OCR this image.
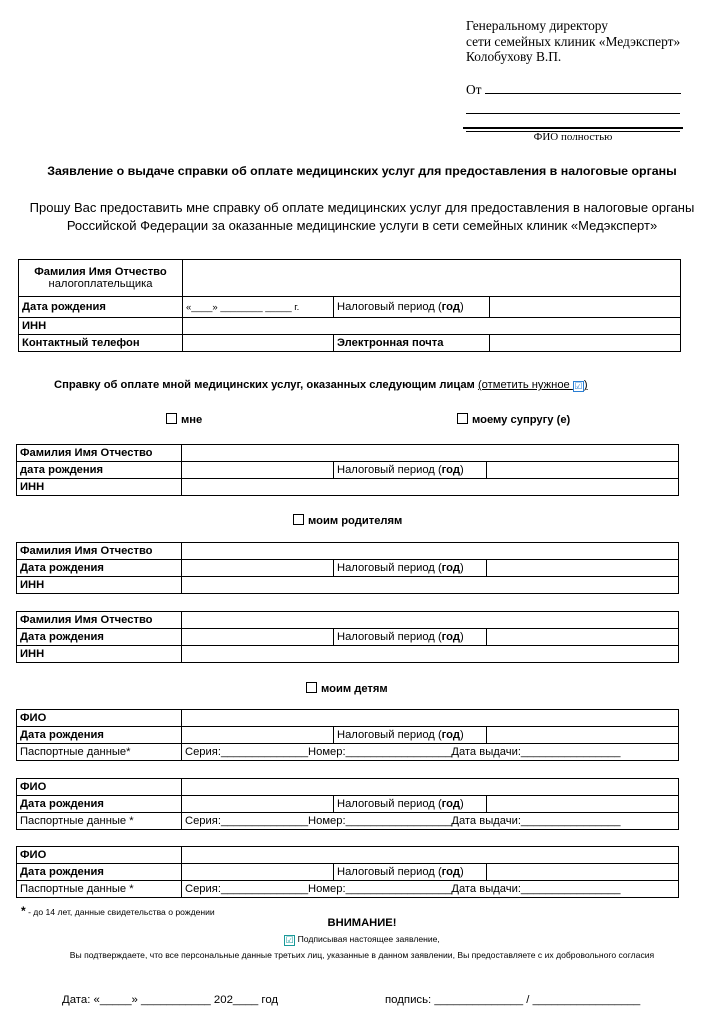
Генеральному директору
сети семейных клиник «Медэксперт»
Колобухову В.П.
От
ФИО полностью
Заявление о выдаче справки об оплате медицинских услуг для предоставления в налоговые органы
Прошу Вас предоставить мне справку об оплате медицинских услуг для предоставления в налоговые органы Российской Федерации за оказанные медицинские услуги в сети семейных клиник «Медэксперт»
Фамилия Имя Отчество
налогоплательщика			

Дата рождения	«____» ________ _____ г.	Налоговый период (год)	
ИНН			
Контактный телефон		Электронная почта	
Справку об оплате мной медицинских услуг, оказанных следующим лицам (отметить нужное ☑)
мне	моему супругу (е)
Фамилия Имя Отчество			
дата рождения		Налоговый период (год)	
ИНН			
моим родителям
Фамилия Имя Отчество			
Дата рождения		Налоговый период (год)	
ИНН			
Фамилия Имя Отчество			
Дата рождения		Налоговый период (год)	
ИНН			
моим детям
ФИО			
Дата рождения		Налоговый период (год)	
Паспортные данные*	Серия:______________Номер:_________________Дата выдачи:________________		
ФИО			
Дата рождения		Налоговый период (год)	
Паспортные данные *	Серия:______________Номер:_________________Дата выдачи:________________		
ФИО			
Дата рождения		Налоговый период (год)	
Паспортные данные *	Серия:______________Номер:_________________Дата выдачи:________________		
* - до 14 лет, данные свидетельства о рождении
ВНИМАНИЕ!
☑ Подписывая настоящее заявление,
Вы подтверждаете, что все персональные данные третьих лиц, указанные в данном заявлении, Вы предоставляете с их добровольного согласия
Дата: «_____» ___________ 202____ год	подпись: ______________ / _________________
